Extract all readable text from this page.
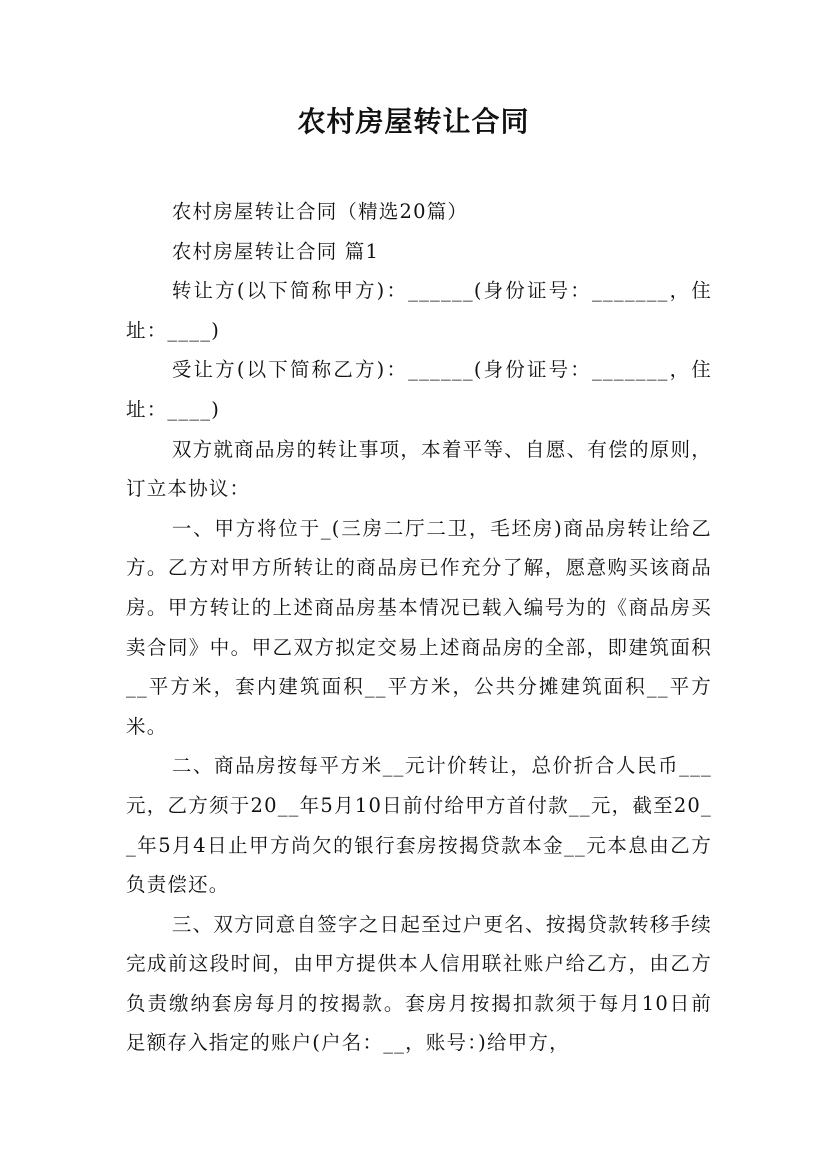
农村房屋转让合同

农村房屋转让合同（精选20篇）

农村房屋转让合同 篇1

转让方(以下简称甲方)：______(身份证号：_______，住址：____)

受让方(以下简称乙方)：______(身份证号：_______，住址：____)

双方就商品房的转让事项，本着平等、自愿、有偿的原则，订立本协议：

一、甲方将位于_(三房二厅二卫，毛坯房)商品房转让给乙方。乙方对甲方所转让的商品房已作充分了解，愿意购买该商品房。甲方转让的上述商品房基本情况已载入编号为的《商品房买卖合同》中。甲乙双方拟定交易上述商品房的全部，即建筑面积__平方米，套内建筑面积__平方米，公共分摊建筑面积__平方米。

二、商品房按每平方米__元计价转让，总价折合人民币___元，乙方须于20__年5月10日前付给甲方首付款__元，截至20__年5月4日止甲方尚欠的银行套房按揭贷款本金__元本息由乙方负责偿还。

三、双方同意自签字之日起至过户更名、按揭贷款转移手续完成前这段时间，由甲方提供本人信用联社账户给乙方，由乙方负责缴纳套房每月的按揭款。套房月按揭扣款须于每月10日前足额存入指定的账户(户名：__，账号：)给甲方，
